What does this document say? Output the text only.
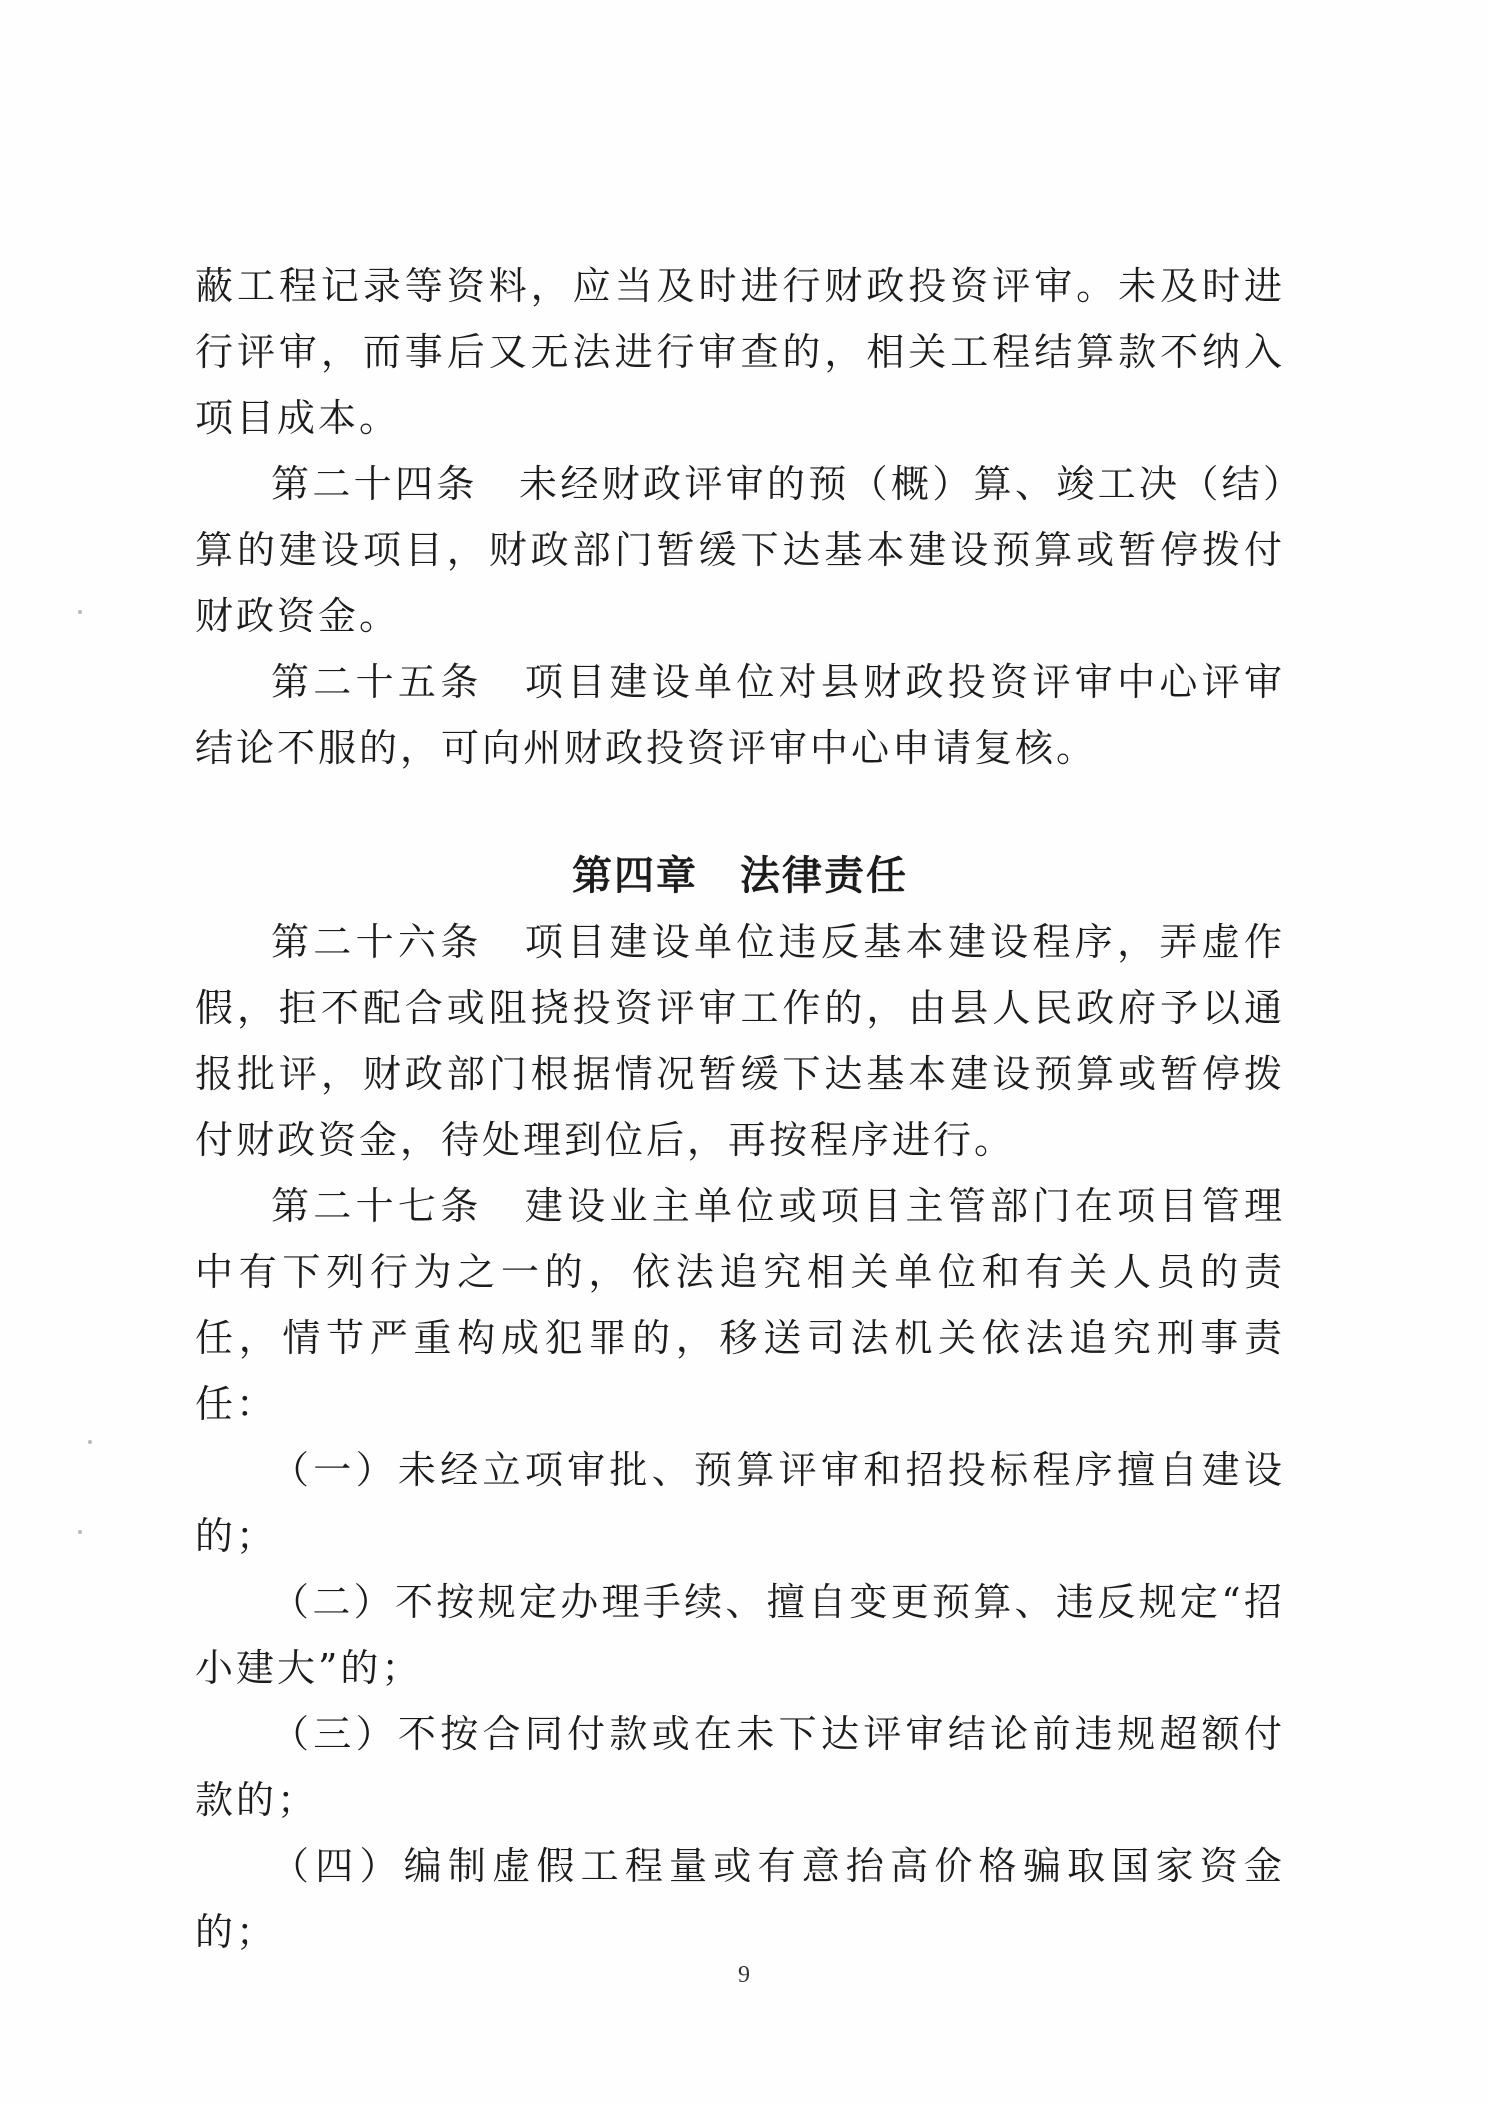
蔽工程记录等资料，应当及时进行财政投资评审。未及时进行评审，而事后又无法进行审查的，相关工程结算款不纳入项目成本。

第二十四条　未经财政评审的预（概）算、竣工决（结）算的建设项目，财政部门暂缓下达基本建设预算或暂停拨付财政资金。

第二十五条　项目建设单位对县财政投资评审中心评审结论不服的，可向州财政投资评审中心申请复核。

第四章　法律责任

第二十六条　项目建设单位违反基本建设程序，弄虚作假，拒不配合或阻挠投资评审工作的，由县人民政府予以通报批评，财政部门根据情况暂缓下达基本建设预算或暂停拨付财政资金，待处理到位后，再按程序进行。

第二十七条　建设业主单位或项目主管部门在项目管理中有下列行为之一的，依法追究相关单位和有关人员的责任，情节严重构成犯罪的，移送司法机关依法追究刑事责任：

（一）未经立项审批、预算评审和招投标程序擅自建设的；

（二）不按规定办理手续、擅自变更预算、违反规定“招小建大”的；

（三）不按合同付款或在未下达评审结论前违规超额付款的；

（四）编制虚假工程量或有意抬高价格骗取国家资金的；

9
